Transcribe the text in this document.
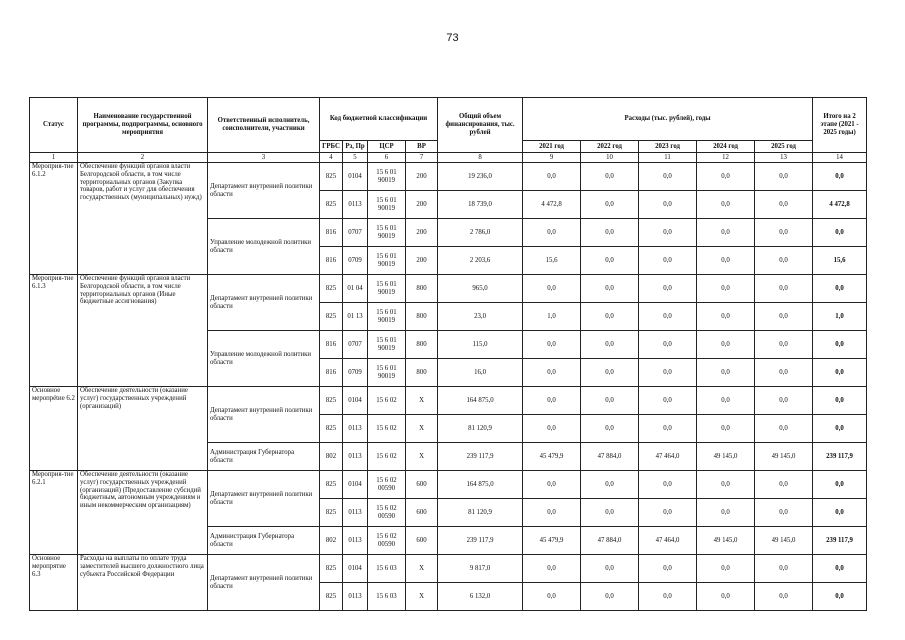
73
Статус	Наименование государственной программы, подпрограммы, основного мероприятия	Ответственный исполнитель, соисполнители, участники	Код бюджетной классификации				Общий объем финансирования, тыс. рублей	Расходы (тыс. рублей), годы					Итого на 2 этапе (2021 - 2025 годы)
			ГРБС	Рз, Пр	ЦСР	ВР		2021 год	2022 год	2023 год	2024 год	2025 год	
1	2	3	4	5	6	7	8	9	10	11	12	13	14
Мероприя-тие 6.1.2	Обеспечение функций органов власти Белгородской области, в том числе территориальных органов (Закупка товаров, работ и услуг для обеспечения государственных (муниципальных) нужд)	Департамент внутренней политики области	825	0104	15 6 01 90019	200	19 236,0	0,0	0,0	0,0	0,0	0,0	0,0
			825	0113	15 6 01 90019	200	18 739,0	4 472,8	0,0	0,0	0,0	0,0	4 472,8
		Управление молодежной политики области	816	0707	15 6 01 90019	200	2 786,0	0,0	0,0	0,0	0,0	0,0	0,0
			816	0709	15 6 01 90019	200	2 203,6	15,6	0,0	0,0	0,0	0,0	15,6
Мероприя-тие 6.1.3	Обеспечение функций органов власти Белгородской области, в том числе территориальных органов (Иные бюджетные ассигнования)	Департамент внутренней политики области	825	01 04	15 6 01 90019	800	965,0	0,0	0,0	0,0	0,0	0,0	0,0
			825	01 13	15 6 01 90019	800	23,0	1,0	0,0	0,0	0,0	0,0	1,0
		Управление молодежной политики области	816	0707	15 6 01 90019	800	115,0	0,0	0,0	0,0	0,0	0,0	0,0
			816	0709	15 6 01 90019	800	16,0	0,0	0,0	0,0	0,0	0,0	0,0
Основное меропрétие 6.2	Обеспечение деятельности (оказание услуг) государственных учреждений (организаций)	Департамент внутренней политики области	825	0104	15 6 02	X	164 875,0	0,0	0,0	0,0	0,0	0,0	0,0
			825	0113	15 6 02	X	81 120,9	0,0	0,0	0,0	0,0	0,0	0,0
		Администрация Губернатора области	802	0113	15 6 02	X	239 117,9	45 479,9	47 884,0	47 464,0	49 145,0	49 145,0	239 117,9
Мероприя-тие 6.2.1	Обеспечение деятельности (оказание услуг) государственных учреждений (организаций) (Предоставление субсидий бюджетным, автономным учреждениям и иным некоммерческим организациям)	Департамент внутренней политики области	825	0104	15 6 02 00590	600	164 875,0	0,0	0,0	0,0	0,0	0,0	0,0
			825	0113	15 6 02 00590	600	81 120,9	0,0	0,0	0,0	0,0	0,0	0,0
		Администрация Губернатора области	802	0113	15 6 02 00590	600	239 117,9	45 479,9	47 884,0	47 464,0	49 145,0	49 145,0	239 117,9
Основное меропрятие 6.3	Расходы на выплаты по оплате труда заместителей высшего должностного лица субъекта Российской Федерации	Департамент внутренней политики области	825	0104	15 6 03	X	9 817,0	0,0	0,0	0,0	0,0	0,0	0,0
			825	0113	15 6 03	X	6 132,0	0,0	0,0	0,0	0,0	0,0	0,0
